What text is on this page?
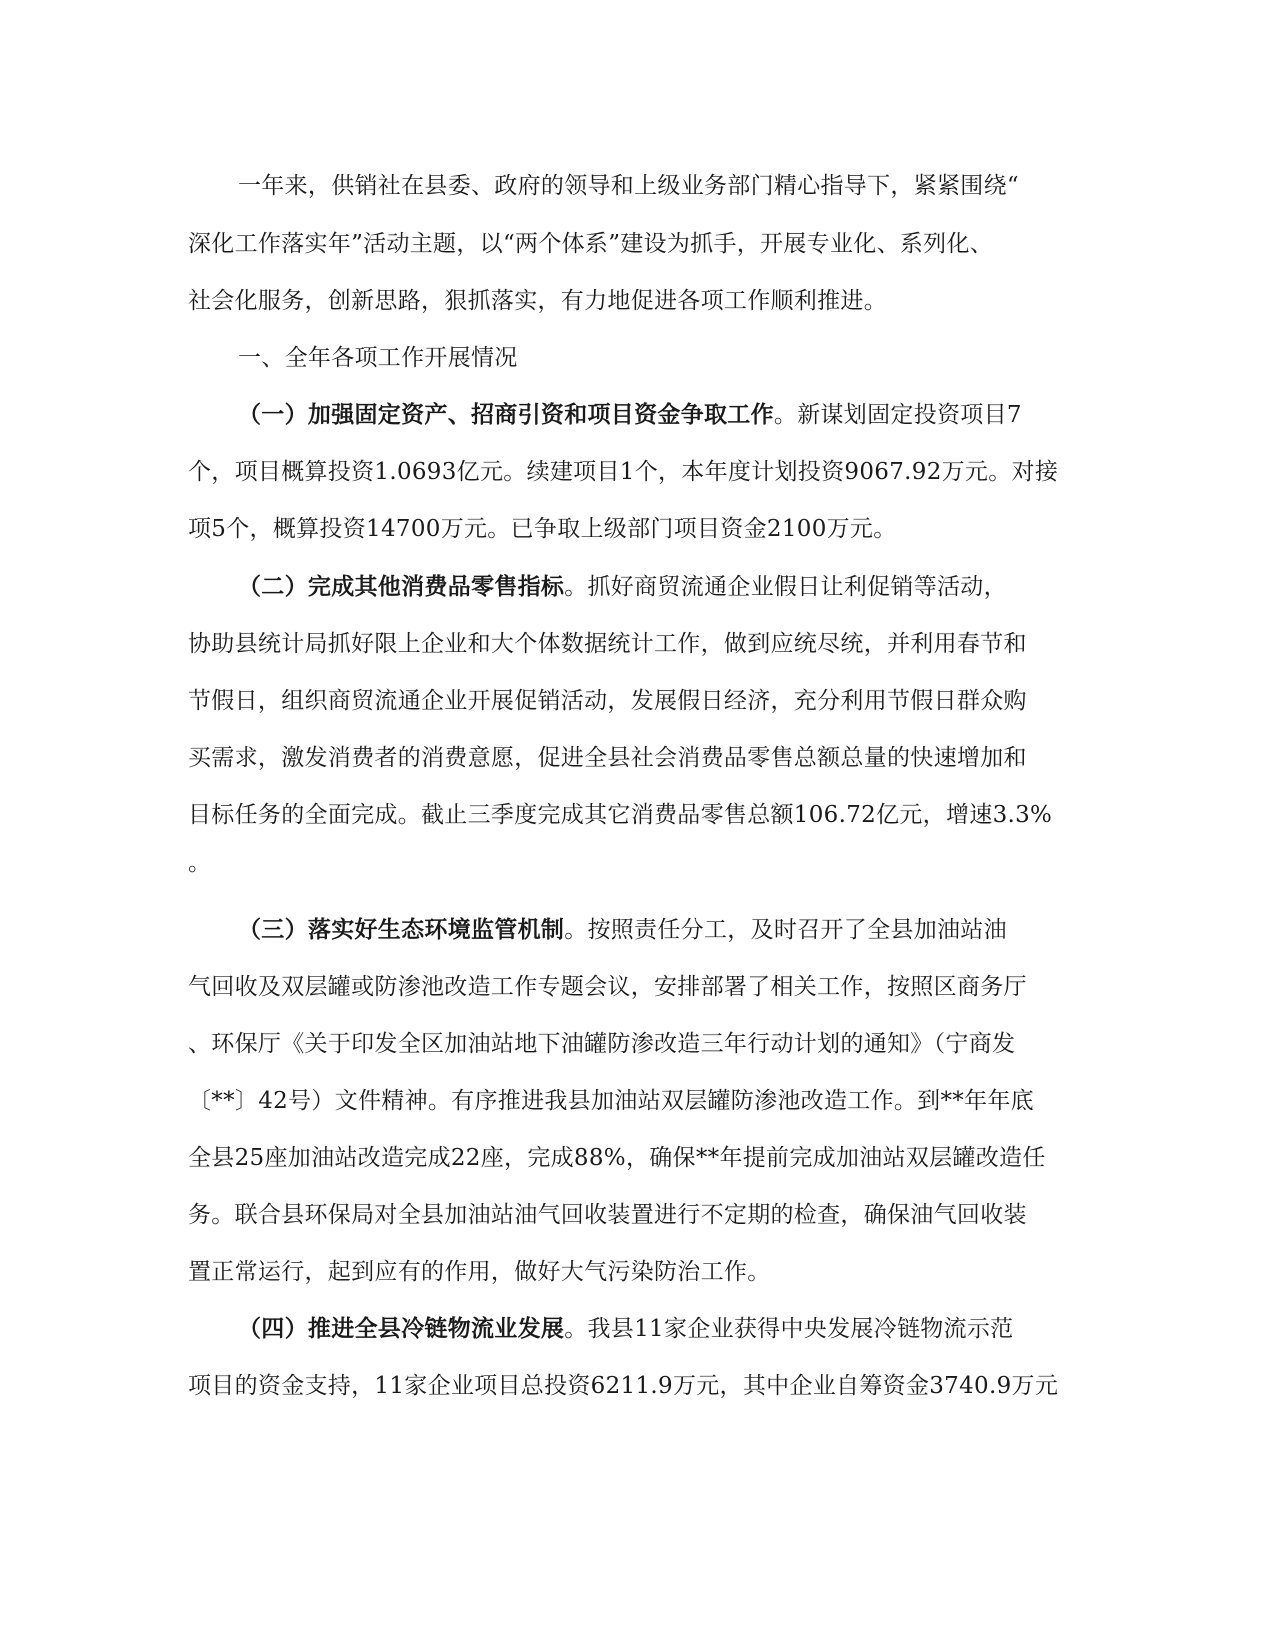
一年来，供销社在县委、政府的领导和上级业务部门精心指导下，紧紧围绕“
深化工作落实年”活动主题，以“两个体系”建设为抓手，开展专业化、系列化、
社会化服务，创新思路，狠抓落实，有力地促进各项工作顺利推进。
一、全年各项工作开展情况
（一）加强固定资产、招商引资和项目资金争取工作。新谋划固定投资项目7
个，项目概算投资1.0693亿元。续建项目1个，本年度计划投资9067.92万元。对接
项5个，概算投资14700万元。已争取上级部门项目资金2100万元。
（二）完成其他消费品零售指标。抓好商贸流通企业假日让利促销等活动，
协助县统计局抓好限上企业和大个体数据统计工作，做到应统尽统，并利用春节和
节假日，组织商贸流通企业开展促销活动，发展假日经济，充分利用节假日群众购
买需求，激发消费者的消费意愿，促进全县社会消费品零售总额总量的快速增加和
目标任务的全面完成。截止三季度完成其它消费品零售总额106.72亿元，增速3.3%
。
（三）落实好生态环境监管机制。按照责任分工，及时召开了全县加油站油
气回收及双层罐或防渗池改造工作专题会议，安排部署了相关工作，按照区商务厅
、环保厅《关于印发全区加油站地下油罐防渗改造三年行动计划的通知》（宁商发
〔**〕42号）文件精神。有序推进我县加油站双层罐防渗池改造工作。到**年年底
全县25座加油站改造完成22座，完成88%，确保**年提前完成加油站双层罐改造任
务。联合县环保局对全县加油站油气回收装置进行不定期的检查，确保油气回收装
置正常运行，起到应有的作用，做好大气污染防治工作。
（四）推进全县冷链物流业发展。我县11家企业获得中央发展冷链物流示范
项目的资金支持，11家企业项目总投资6211.9万元，其中企业自筹资金3740.9万元
